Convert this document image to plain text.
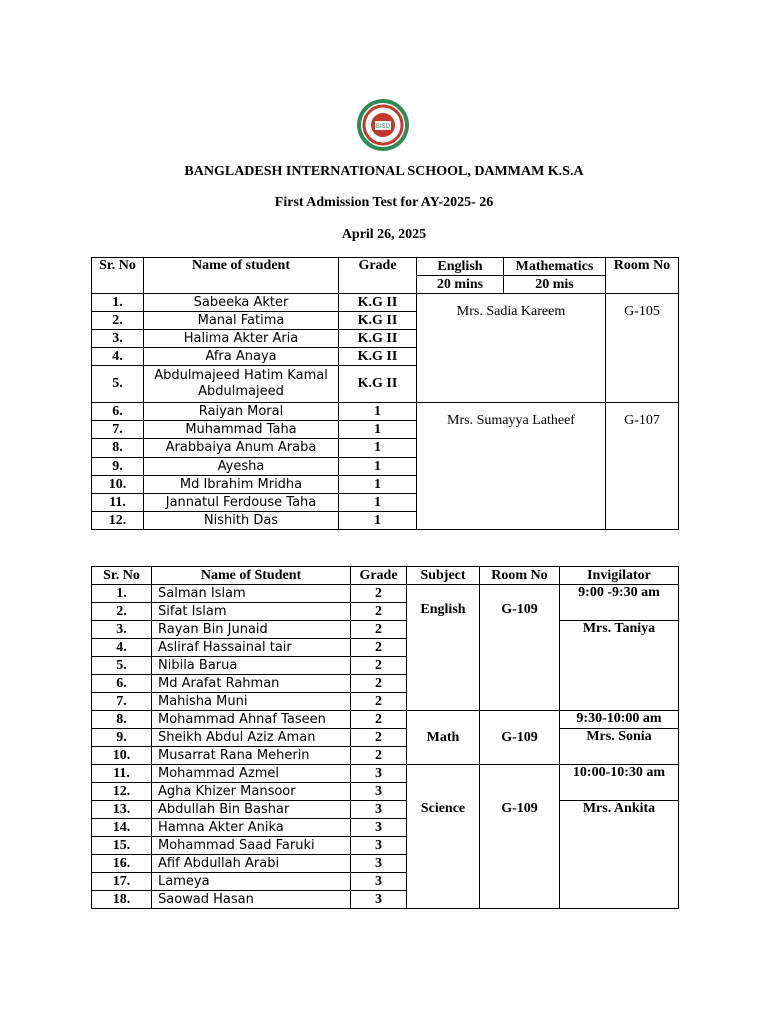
BISD
BANGLADESH INTERNATIONAL SCHOOL, DAMMAM K.S.A
First Admission Test for AY-2025- 26
April 26, 2025
Sr. No	Name of student	Grade	English	Mathematics	Room No
			20 mins	20 mis	
1.	Sabeeka Akter	K.G II	Mrs. Sadia Kareem		G-105
2.	Manal Fatima	K.G II			
3.	Halima Akter Aria	K.G II			
4.	Afra Anaya	K.G II			
5.	Abdulmajeed Hatim Kamal Abdulmajeed	K.G II			
6.	Raiyan Moral	1	Mrs. Sumayya Latheef		G-107
7.	Muhammad Taha	1			
8.	Arabbaiya Anum Araba	1			
9.	Ayesha	1			
10.	Md Ibrahim Mridha	1			
11.	Jannatul Ferdouse Taha	1			
12.	Nishith Das	1			
Sr. No	Name of Student	Grade	Subject	Room No	Invigilator
1.	Salman Islam	2	English	G-109	9:00 -9:30 am
2.	Sifat Islam	2			
3.	Rayan Bin Junaid	2			Mrs. Taniya
4.	Asliraf Hassainal tair	2			
5.	Nibila Barua	2			
6.	Md Arafat Rahman	2			
7.	Mahisha Muni	2			
8.	Mohammad Ahnaf Taseen	2	Math	G-109	9:30-10:00 am
9.	Sheikh Abdul Aziz Aman	2			Mrs. Sonia
10.	Musarrat Rana Meherin	2			
11.	Mohammad Azmel	3	Science	G-109	10:00-10:30 am
12.	Agha Khizer Mansoor	3			
13.	Abdullah Bin Bashar	3			Mrs. Ankita
14.	Hamna Akter Anika	3			
15.	Mohammad Saad Faruki	3			
16.	Afif Abdullah Arabi	3			
17.	Lameya	3			
18.	Saowad Hasan	3			
